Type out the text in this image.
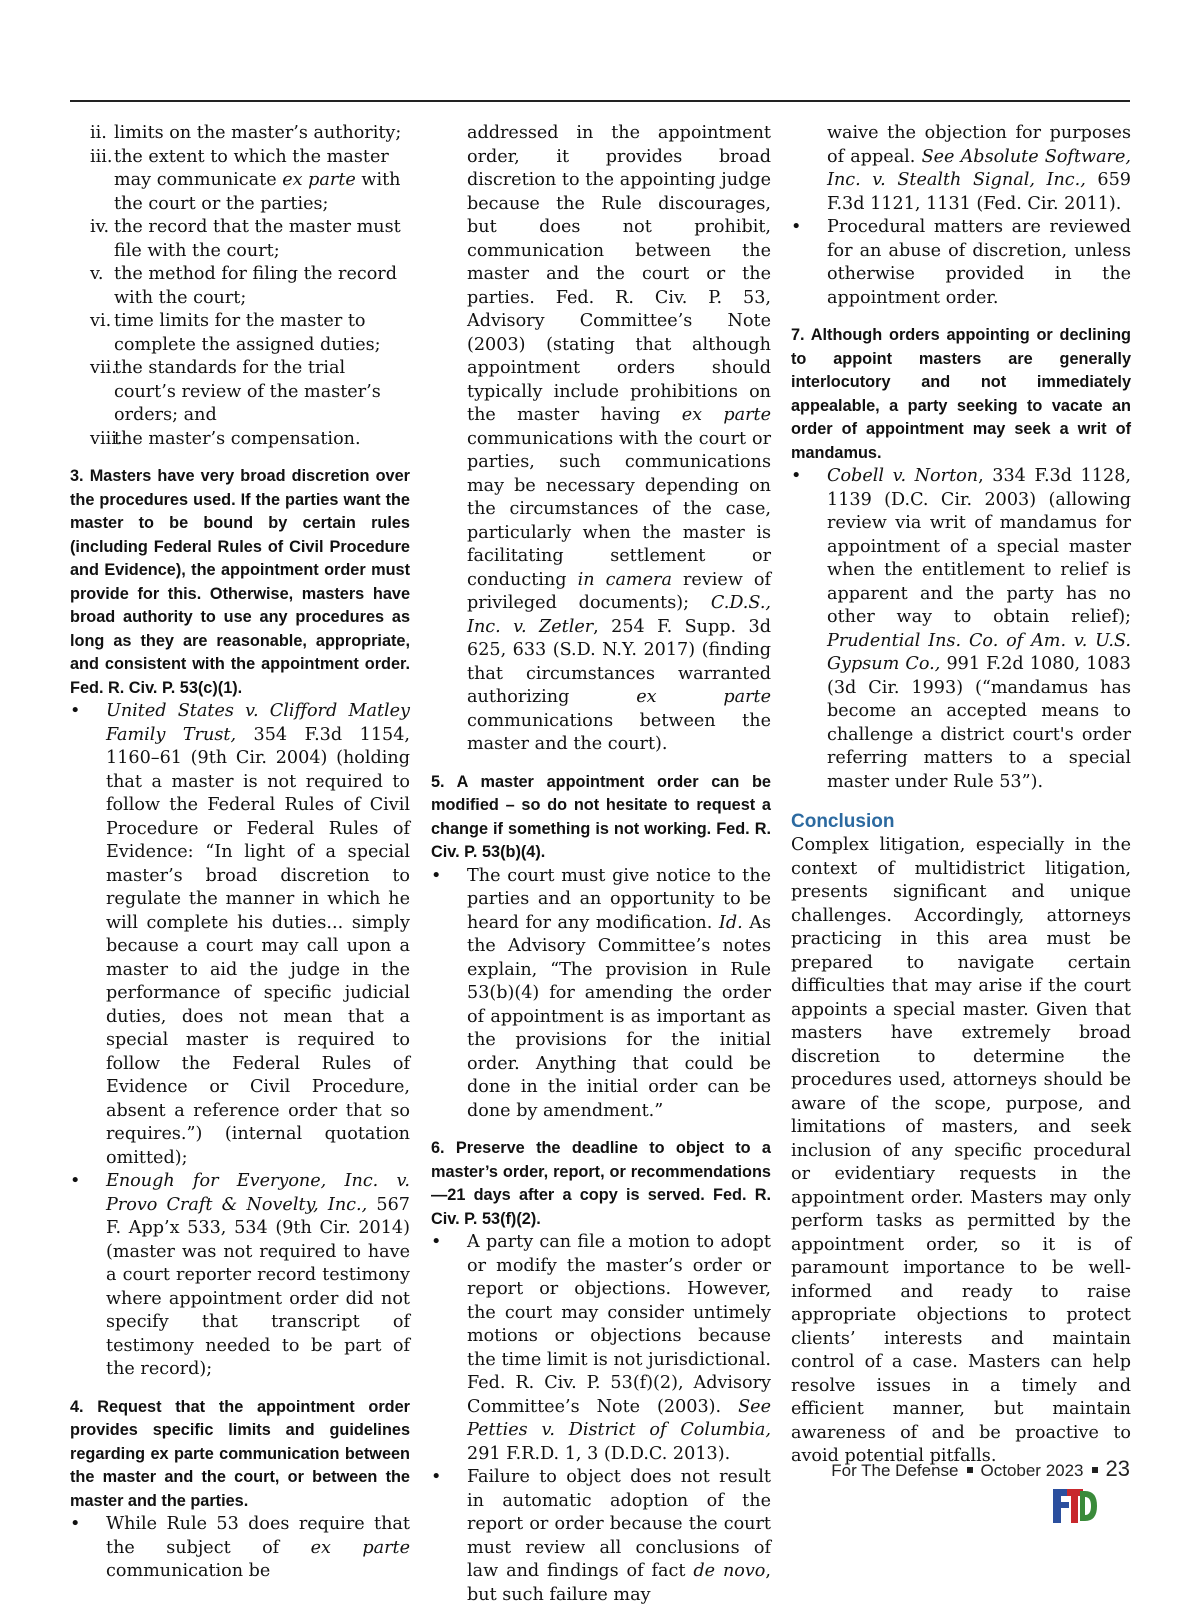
ii. limits on the master’s authority;
iii. the extent to which the master may communicate ex parte with the court or the parties;
iv. the record that the master must file with the court;
v. the method for filing the record with the court;
vi. time limits for the master to complete the assigned duties;
vii.
the standards for the trial court’s review of the master’s orders; and
viii.
the master’s compensation.

3. Masters have very broad discretion over the procedures used. If the parties want the master to be bound by certain rules (including Federal Rules of Civil Procedure and Evidence), the appointment order must provide for this. Otherwise, masters have broad authority to use any procedures as long as they are reasonable, appropriate, and consistent with the appointment order. Fed. R. Civ. P. 53(c)(1).

• United States v. Clifford Matley Family Trust, 354 F.3d 1154, 1160–61 (9th Cir. 2004) (holding that a master is not required to follow the Federal Rules of Civil Procedure or Federal Rules of Evidence: “In light of a special master’s broad discretion to regulate the manner in which he will complete his duties... simply because a court may call upon a master to aid the judge in the performance of specific judicial duties, does not mean that a special master is required to follow the Federal Rules of Evidence or Civil Procedure, absent a reference order that so requires.”) (internal quotation omitted);
• Enough for Everyone, Inc. v. Provo Craft & Novelty, Inc., 567 F. App’x 533, 534 (9th Cir. 2014) (master was not required to have a court reporter record testimony where appointment order did not specify that transcript of testimony needed to be part of the record);

4. Request that the appointment order provides specific limits and guidelines regarding ex parte communication between the master and the court, or between the master and the parties.

• While Rule 53 does require that the subject of ex parte communication be
addressed in the appointment order, it provides broad discretion to the appointing judge because the Rule discourages, but does not prohibit, communication between the master and the court or the parties. Fed. R. Civ. P. 53, Advisory Committee’s Note (2003) (stating that although appointment orders should typically include prohibitions on the master having ex parte communications with the court or parties, such communications may be necessary depending on the circumstances of the case, particularly when the master is facilitating settlement or conducting in camera review of privileged documents); C.D.S., Inc. v. Zetler, 254 F. Supp. 3d 625, 633 (S.D. N.Y. 2017) (finding that circumstances warranted authorizing ex parte communications between the master and the court).

5. A master appointment order can be modified – so do not hesitate to request a change if something is not working. Fed. R. Civ. P. 53(b)(4).

• The court must give notice to the parties and an opportunity to be heard for any modification. Id. As the Advisory Committee’s notes explain, “The provision in Rule 53(b)(4) for amending the order of appointment is as important as the provisions for the initial order. Anything that could be done in the initial order can be done by amendment.”

6. Preserve the deadline to object to a master’s order, report, or recommendations—21 days after a copy is served. Fed. R. Civ. P. 53(f)(2).

• A party can file a motion to adopt or modify the master’s order or report or objections. However, the court may consider untimely motions or objections because the time limit is not jurisdictional. Fed. R. Civ. P. 53(f)(2), Advisory Committee’s Note (2003). See Petties v. District of Columbia, 291 F.R.D. 1, 3 (D.D.C. 2013).
• Failure to object does not result in automatic adoption of the report or order because the court must review all conclusions of law and findings of fact de novo, but such failure may
waive the objection for purposes of appeal. See Absolute Software, Inc. v. Stealth Signal, Inc., 659 F.3d 1121, 1131 (Fed. Cir. 2011).
• Procedural matters are reviewed for an abuse of discretion, unless otherwise provided in the appointment order.

7. Although orders appointing or declining to appoint masters are generally interlocutory and not immediately appealable, a party seeking to vacate an order of appointment may seek a writ of mandamus.

• Cobell v. Norton, 334 F.3d 1128, 1139 (D.C. Cir. 2003) (allowing review via writ of mandamus for appointment of a special master when the entitlement to relief is apparent and the party has no other way to obtain relief); Prudential Ins. Co. of Am. v. U.S. Gypsum Co., 991 F.2d 1080, 1083 (3d Cir. 1993) (“mandamus has become an accepted means to challenge a district court's order referring matters to a special master under Rule 53”).
Conclusion
Complex litigation, especially in the context of multidistrict litigation, presents significant and unique challenges. Accordingly, attorneys practicing in this area must be prepared to navigate certain difficulties that may arise if the court appoints a special master. Given that masters have extremely broad discretion to determine the procedures used, attorneys should be aware of the scope, purpose, and limitations of masters, and seek inclusion of any specific procedural or evidentiary requests in the appointment order. Masters may only perform tasks as permitted by the appointment order, so it is of paramount importance to be well-informed and ready to raise appropriate objections to protect clients’ interests and maintain control of a case. Masters can help resolve issues in a timely and efficient manner, but maintain awareness of and be proactive to avoid potential pitfalls.
For The Defense October 2023 23
